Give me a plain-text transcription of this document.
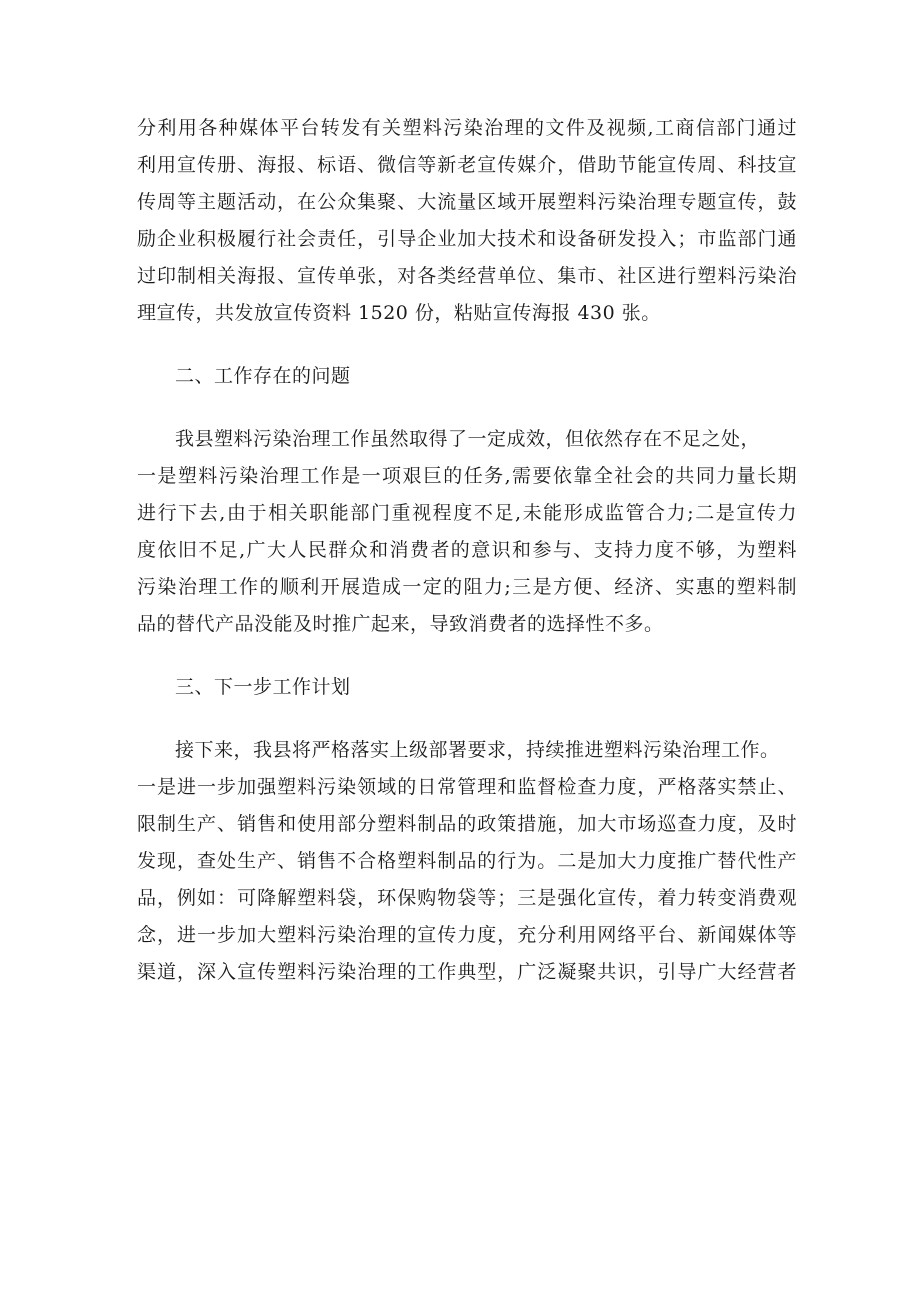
分利用各种媒体平台转发有关塑料污染治理的文件及视频,工商信部门通过
利用宣传册、海报、标语、微信等新老宣传媒介，借助节能宣传周、科技宣
传周等主题活动，在公众集聚、大流量区域开展塑料污染治理专题宣传，鼓
励企业积极履行社会责任，引导企业加大技术和设备研发投入；市监部门通
过印制相关海报、宣传单张，对各类经营单位、集市、社区进行塑料污染治
理宣传，共发放宣传资料 1520 份，粘贴宣传海报 430 张。
二、工作存在的问题
我县塑料污染治理工作虽然取得了一定成效，但依然存在不足之处，
一是塑料污染治理工作是一项艰巨的任务,需要依靠全社会的共同力量长期
进行下去,由于相关职能部门重视程度不足,未能形成监管合力;二是宣传力
度依旧不足,广大人民群众和消费者的意识和参与、支持力度不够，为塑料
污染治理工作的顺利开展造成一定的阻力;三是方便、经济、实惠的塑料制
品的替代产品没能及时推广起来，导致消费者的选择性不多。
三、下一步工作计划
接下来，我县将严格落实上级部署要求，持续推进塑料污染治理工作。
一是进一步加强塑料污染领域的日常管理和监督检查力度，严格落实禁止、
限制生产、销售和使用部分塑料制品的政策措施，加大市场巡查力度，及时
发现，查处生产、销售不合格塑料制品的行为。二是加大力度推广替代性产
品，例如：可降解塑料袋，环保购物袋等；三是强化宣传，着力转变消费观
念，进一步加大塑料污染治理的宣传力度，充分利用网络平台、新闻媒体等
渠道，深入宣传塑料污染治理的工作典型，广泛凝聚共识，引导广大经营者
